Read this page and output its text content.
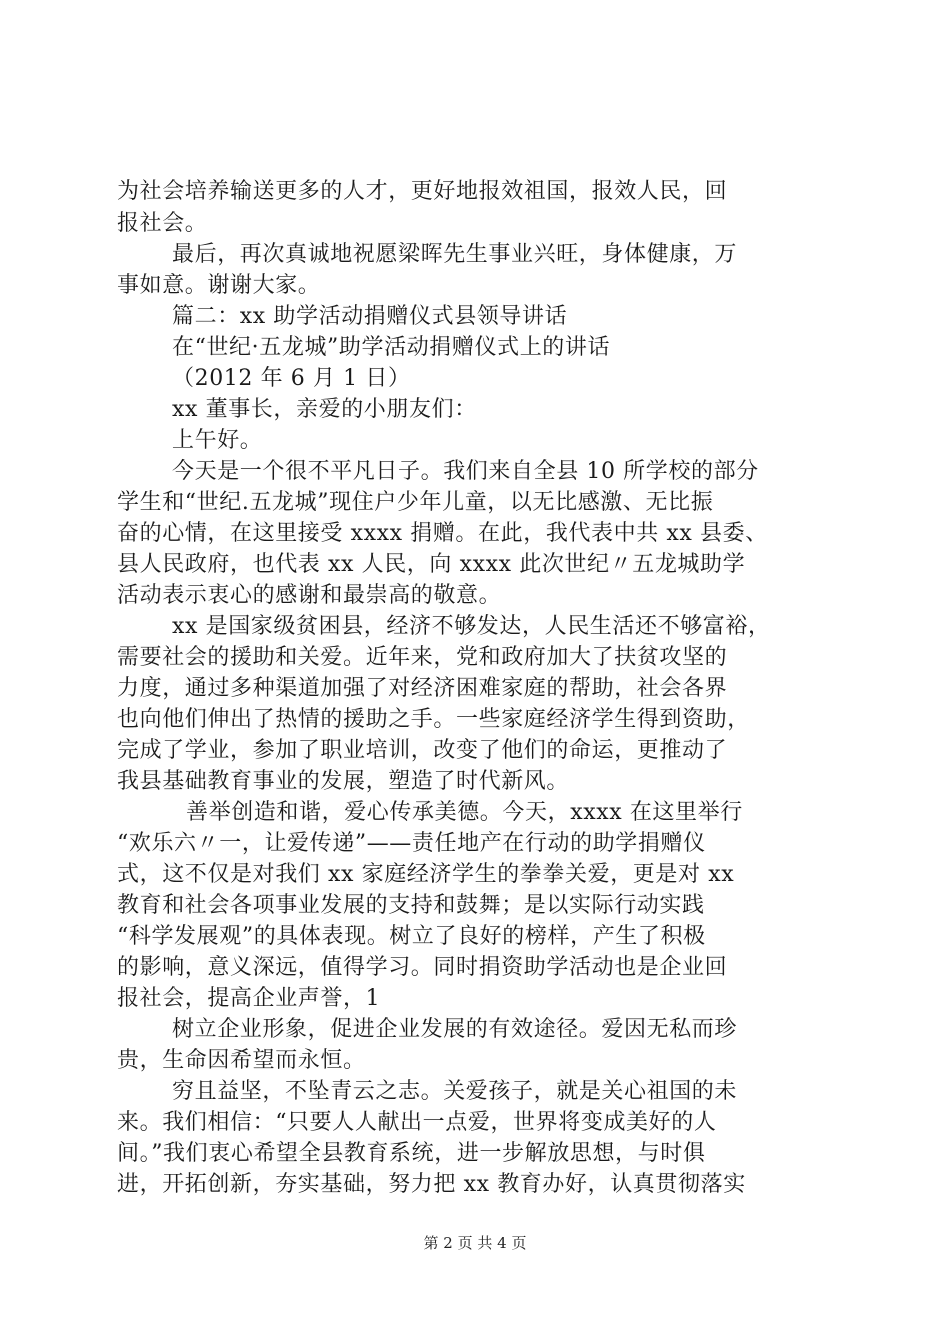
为社会培养输送更多的人才，更好地报效祖国，报效人民，回

报社会。

最后，再次真诚地祝愿梁晖先生事业兴旺，身体健康，万

事如意。谢谢大家。

篇二：xx 助学活动捐赠仪式县领导讲话

在“世纪·五龙城”助学活动捐赠仪式上的讲话

（2012 年 6 月 1 日）

xx 董事长，亲爱的小朋友们：

上午好。

今天是一个很不平凡日子。我们来自全县 10 所学校的部分

学生和“世纪.五龙城”现住户少年儿童，以无比感激、无比振

奋的心情，在这里接受 xxxx 捐赠。在此，我代表中共 xx 县委、

县人民政府，也代表 xx 人民，向 xxxx 此次世纪〃五龙城助学

活动表示衷心的感谢和最崇高的敬意。

xx 是国家级贫困县，经济不够发达，人民生活还不够富裕，

需要社会的援助和关爱。近年来，党和政府加大了扶贫攻坚的

力度，通过多种渠道加强了对经济困难家庭的帮助，社会各界

也向他们伸出了热情的援助之手。一些家庭经济学生得到资助，

完成了学业，参加了职业培训，改变了他们的命运，更推动了

我县基础教育事业的发展，塑造了时代新风。

善举创造和谐，爱心传承美德。今天，xxxx 在这里举行

“欢乐六〃一，让爱传递”——责任地产在行动的助学捐赠仪

式，这不仅是对我们 xx 家庭经济学生的拳拳关爱，更是对 xx

教育和社会各项事业发展的支持和鼓舞；是以实际行动实践

“科学发展观”的具体表现。树立了良好的榜样，产生了积极

的影响，意义深远，值得学习。同时捐资助学活动也是企业回

报社会，提高企业声誉，1

树立企业形象，促进企业发展的有效途径。爱因无私而珍

贵，生命因希望而永恒。

穷且益坚，不坠青云之志。关爱孩子，就是关心祖国的未

来。我们相信：“只要人人献出一点爱，世界将变成美好的人

间。”我们衷心希望全县教育系统，进一步解放思想，与时俱

进，开拓创新，夯实基础，努力把 xx 教育办好，认真贯彻落实

第 2 页 共 4 页
